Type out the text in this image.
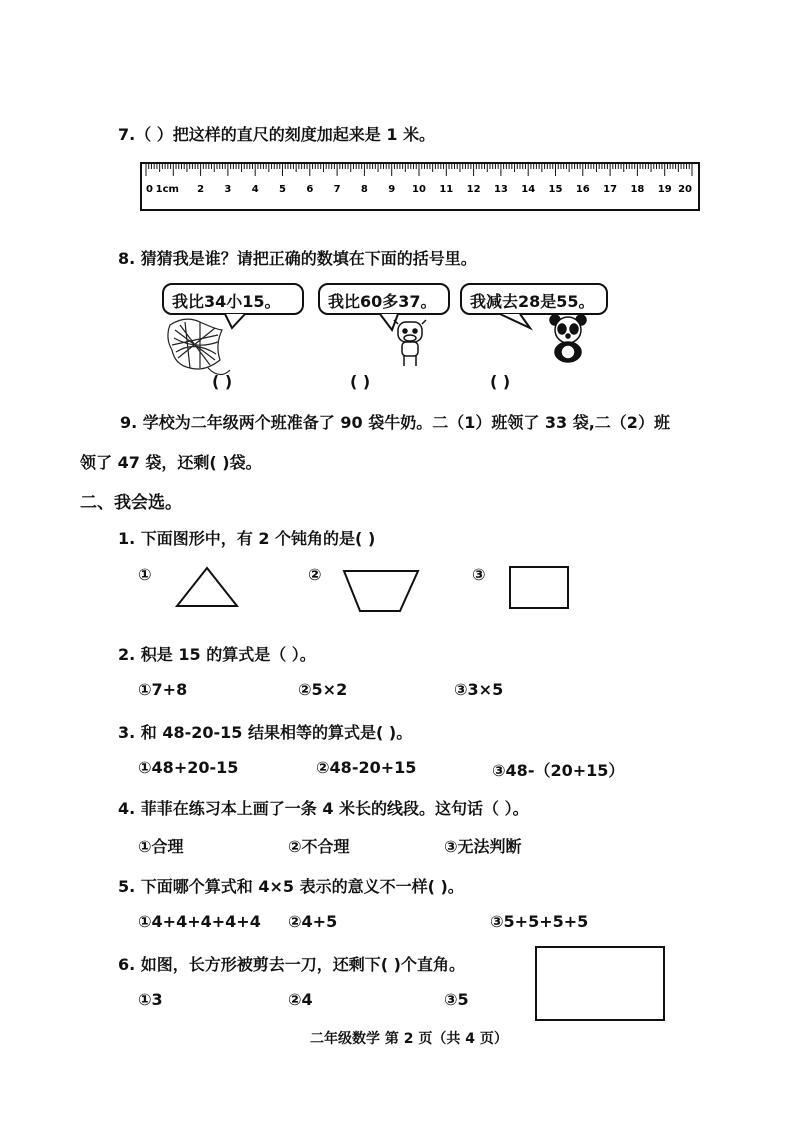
7.（ ）把这样的直尺的刻度加起来是 1 米。
0	2 3 4 5 6 7 8 9 10 11 12 13 14 15 16 17 18 19 20
1cm
8. 猜猜我是谁？请把正确的数填在下面的括号里。
我比34小15。	我比60多37。	我减去28是55。
( )	( )	( )
9. 学校为二年级两个班准备了 90 袋牛奶。二（1）班领了 33 袋,二（2）班
领了 47 袋，还剩( )袋。
二、我会选。
1. 下面图形中，有 2 个钝角的是( )
①	②	③
2. 积是 15 的算式是（ ）。
①7+8	②5×2	③3×5
3. 和 48-20-15 结果相等的算式是( )。
①48+20-15	②48-20+15	③48-（20+15）
4. 菲菲在练习本上画了一条 4 米长的线段。这句话（ ）。
①合理	②不合理	③无法判断
5. 下面哪个算式和 4×5 表示的意义不一样( )。
①4+4+4+4+4 ②4+5	③5+5+5+5
6. 如图，长方形被剪去一刀，还剩下( )个直角。
①3	②4	③5
二年级数学 第 2 页（共 4 页）
